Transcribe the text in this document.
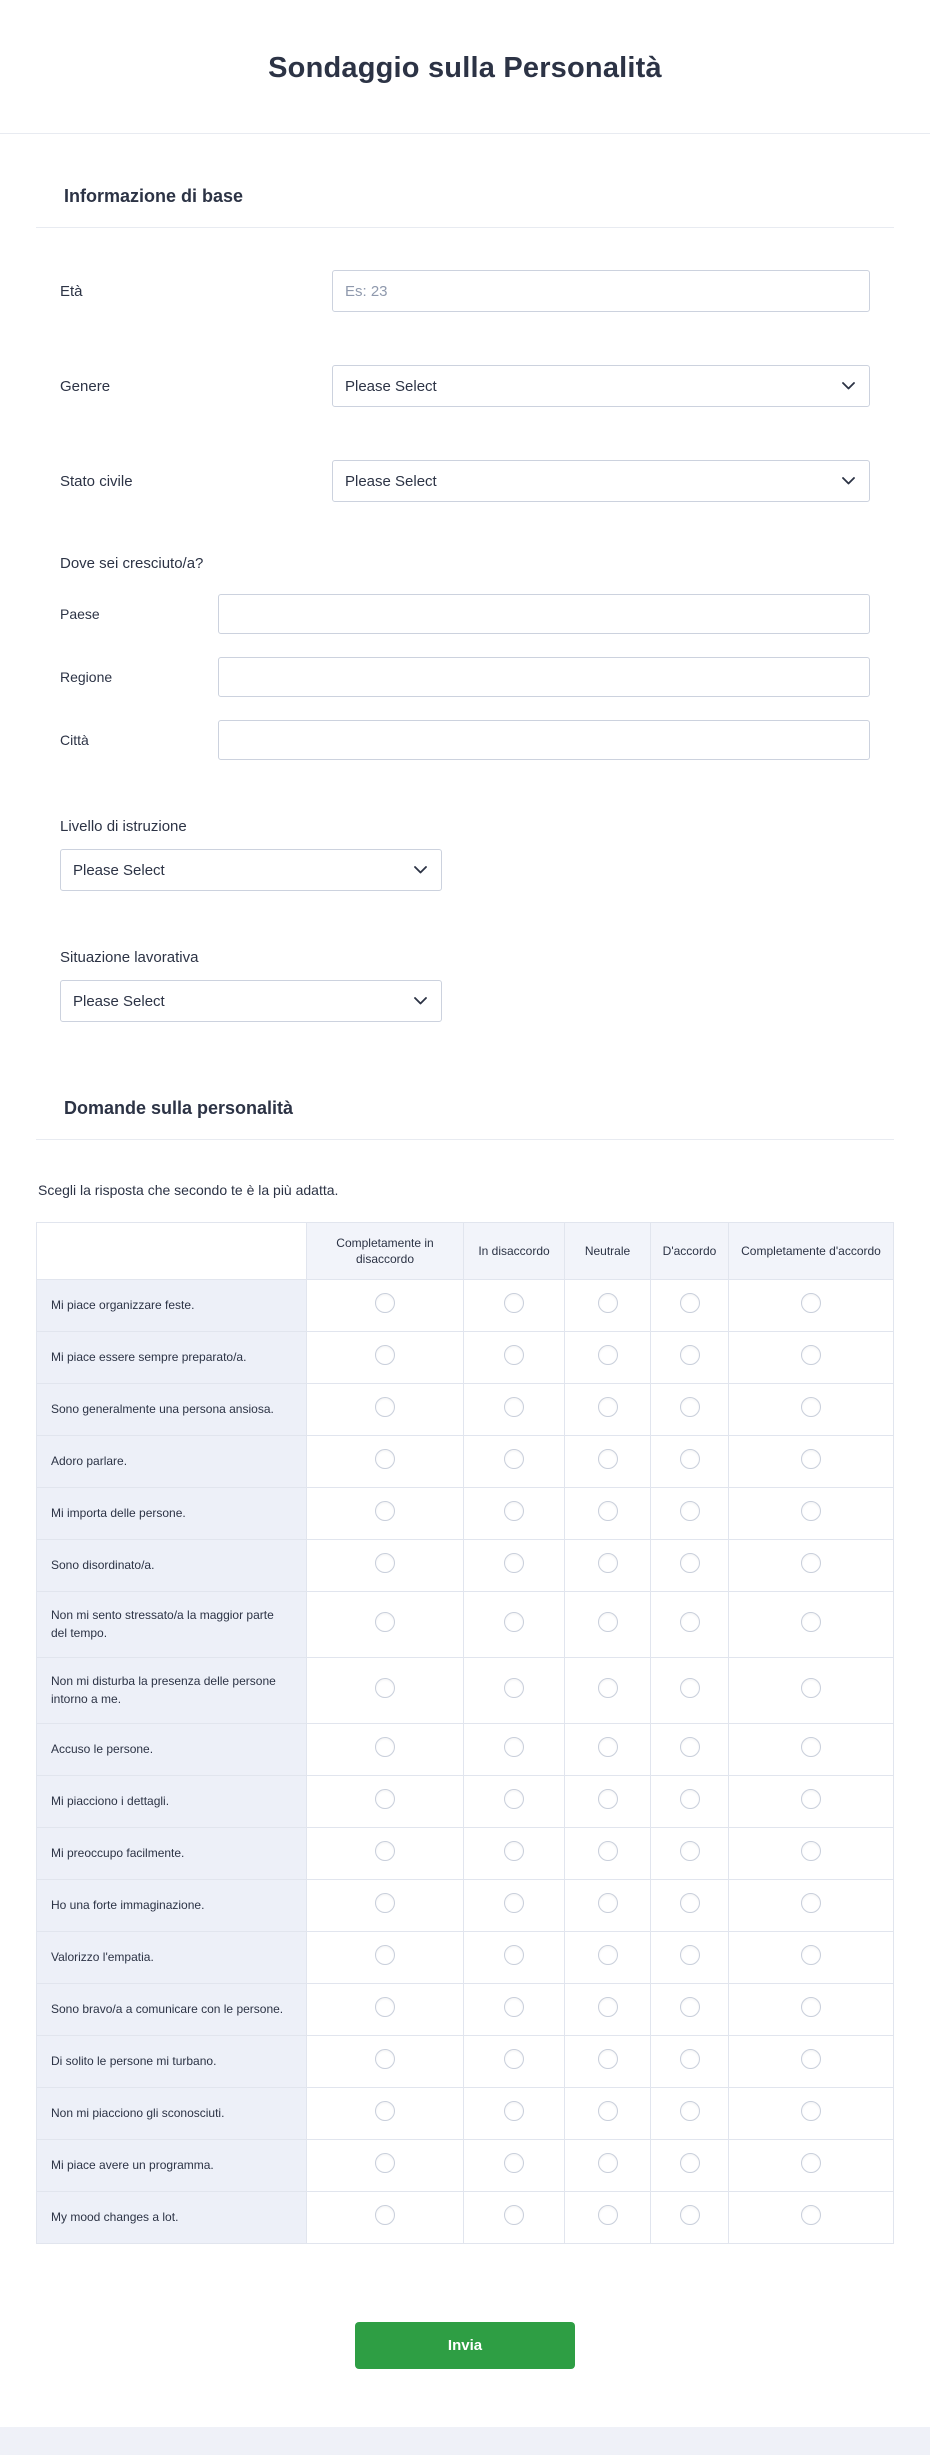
Sondaggio sulla Personalità
Informazione di base
Età
Es: 23
Genere	Please Select
Stato civile	Please Select
Dove sei cresciuto/a?
Paese
Regione
Città
Livello di istruzione
Please Select
Situazione lavorativa
Please Select
Domande sulla personalità
Scegli la risposta che secondo te è la più adatta.
	Completamente in disaccordo	In disaccordo	Neutrale	D'accordo	Completamente d'accordo
Mi piace organizzare feste.					
Mi piace essere sempre preparato/a.					
Sono generalmente una persona ansiosa.					
Adoro parlare.					
Mi importa delle persone.					
Sono disordinato/a.					
Non mi sento stressato/a la maggior parte del tempo.					
Non mi disturba la presenza delle persone intorno a me.					
Accuso le persone.					
Mi piacciono i dettagli.					
Mi preoccupo facilmente.					
Ho una forte immaginazione.					
Valorizzo l'empatia.					
Sono bravo/a a comunicare con le persone.					
Di solito le persone mi turbano.					
Non mi piacciono gli sconosciuti.					
Mi piace avere un programma.					
My mood changes a lot.					
Invia
